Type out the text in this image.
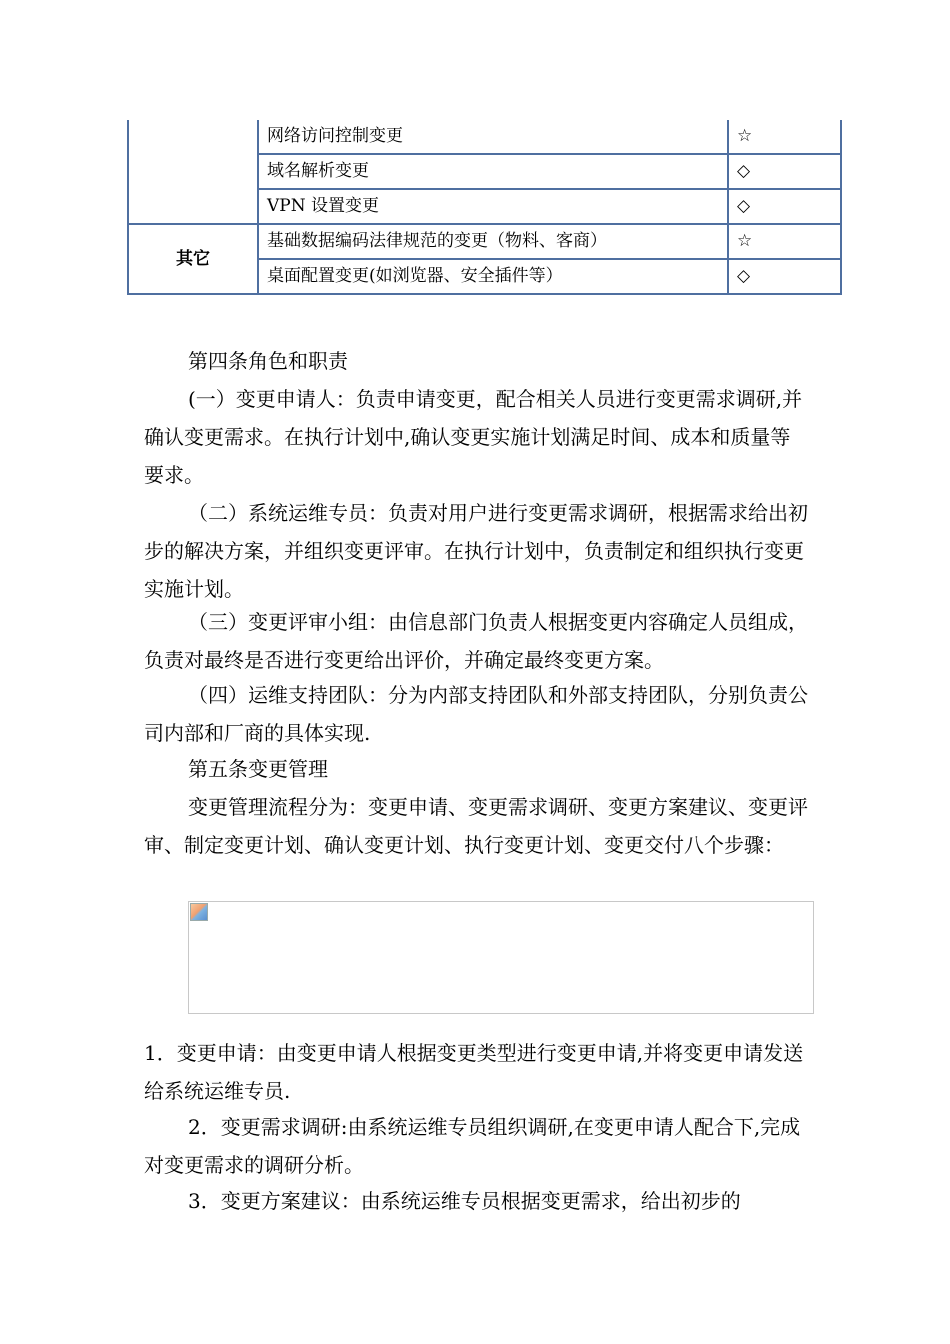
	网络访问控制变更	☆
	域名解析变更	◇
	VPN 设置变更	◇
其它	基础数据编码法律规范的变更（物料、客商）	☆
	桌面配置变更(如浏览器、安全插件等）	◇

第四条角色和职责

(一）变更申请人：负责申请变更，配合相关人员进行变更需求调研,并确认变更需求。在执行计划中,确认变更实施计划满足时间、成本和质量等要求。

（二）系统运维专员：负责对用户进行变更需求调研，根据需求给出初步的解决方案，并组织变更评审。在执行计划中，负责制定和组织执行变更实施计划。

（三）变更评审小组：由信息部门负责人根据变更内容确定人员组成，负责对最终是否进行变更给出评价，并确定最终变更方案。

（四）运维支持团队：分为内部支持团队和外部支持团队，分别负责公司内部和厂商的具体实现.

第五条变更管理

变更管理流程分为：变更申请、变更需求调研、变更方案建议、变更评审、制定变更计划、确认变更计划、执行变更计划、变更交付八个步骤：

1．变更申请：由变更申请人根据变更类型进行变更申请,并将变更申请发送给系统运维专员.

2．变更需求调研:由系统运维专员组织调研,在变更申请人配合下,完成对变更需求的调研分析。

3．变更方案建议：由系统运维专员根据变更需求，给出初步的
